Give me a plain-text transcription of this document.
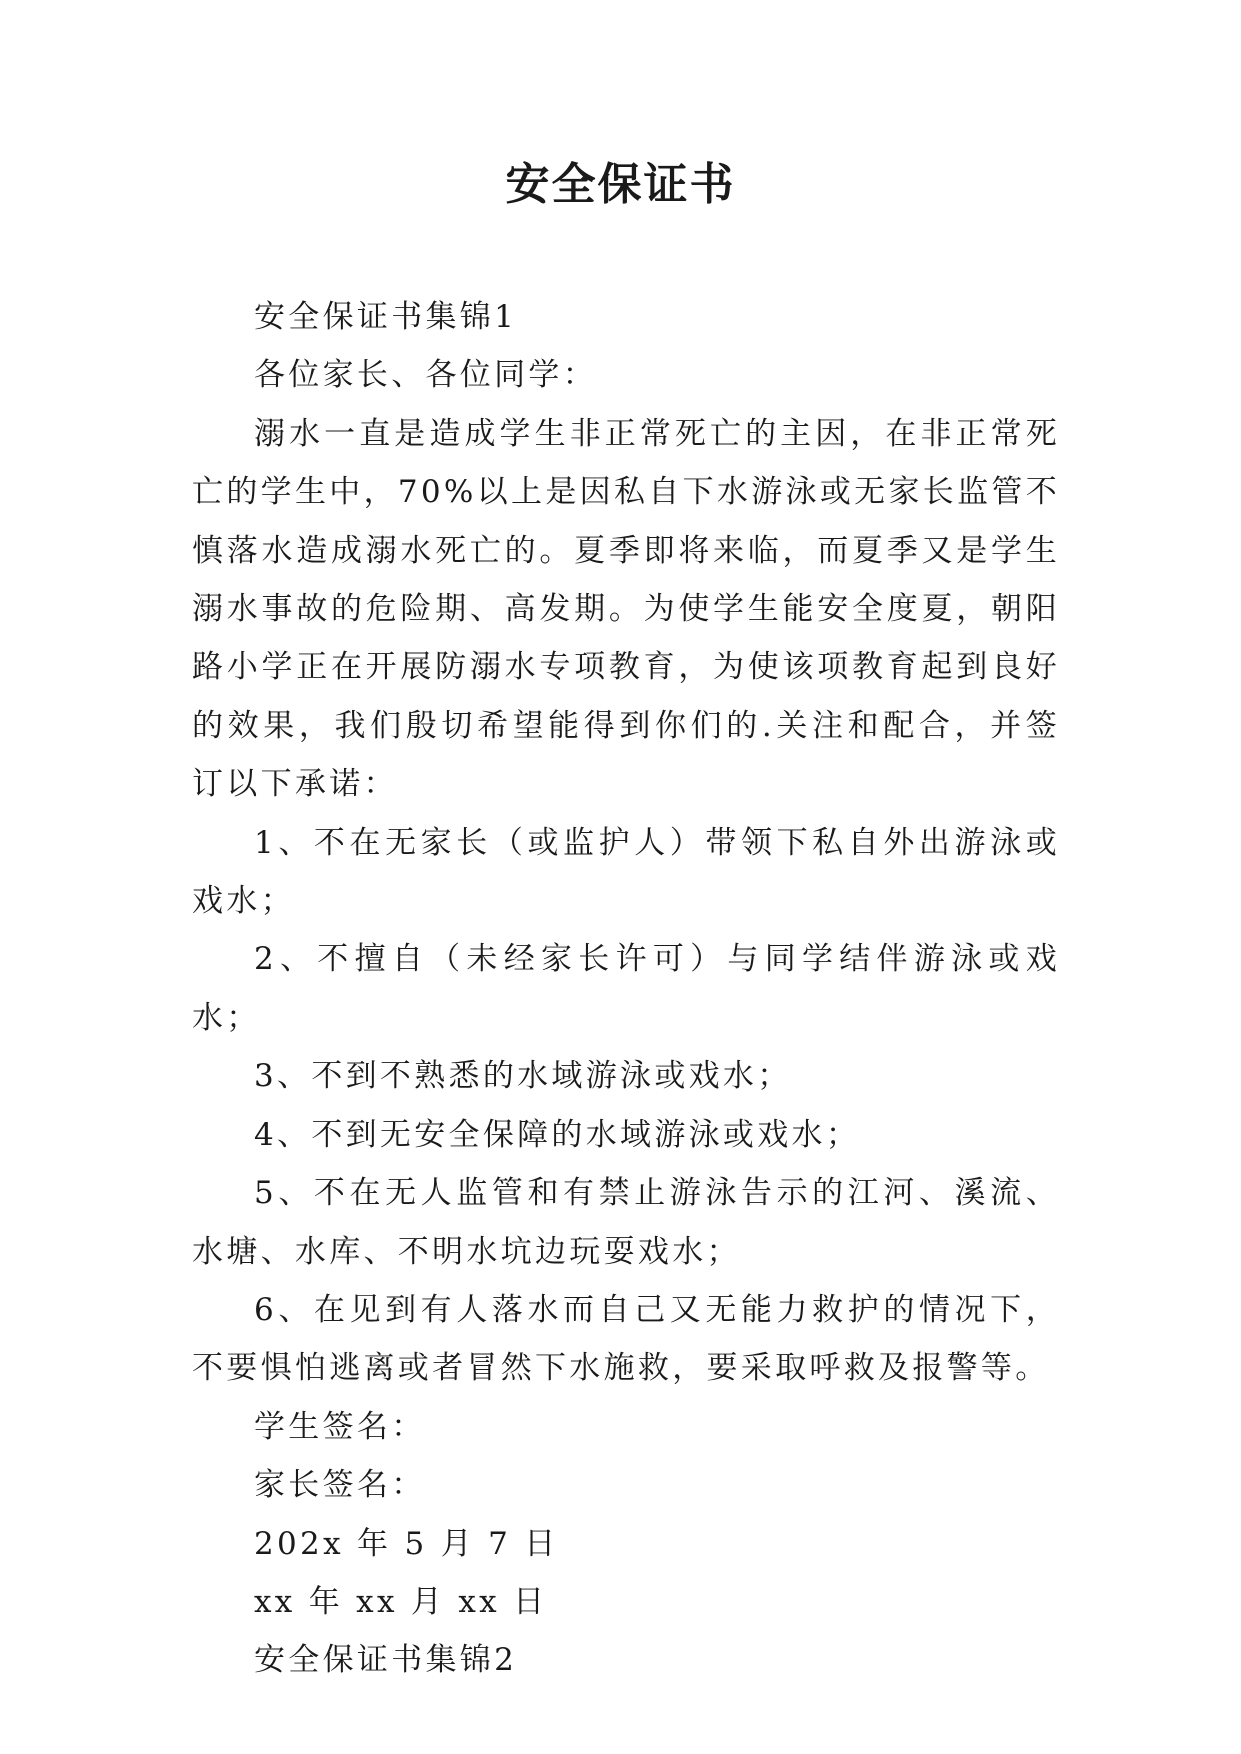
安全保证书

安全保证书集锦1

各位家长、各位同学：

溺水一直是造成学生非正常死亡的主因，在非正常死亡的学生中，70%以上是因私自下水游泳或无家长监管不慎落水造成溺水死亡的。夏季即将来临，而夏季又是学生溺水事故的危险期、高发期。为使学生能安全度夏，朝阳路小学正在开展防溺水专项教育，为使该项教育起到良好的效果，我们殷切希望能得到你们的.关注和配合，并签订以下承诺：

1、不在无家长（或监护人）带领下私自外出游泳或戏水；

2、不擅自（未经家长许可）与同学结伴游泳或戏水；

3、不到不熟悉的水域游泳或戏水；

4、不到无安全保障的水域游泳或戏水；

5、不在无人监管和有禁止游泳告示的江河、溪流、水塘、水库、不明水坑边玩耍戏水；

6、在见到有人落水而自己又无能力救护的情况下，不要惧怕逃离或者冒然下水施救，要采取呼救及报警等。

学生签名：

家长签名：

202x 年 5 月 7 日

xx 年 xx 月 xx 日

安全保证书集锦2
